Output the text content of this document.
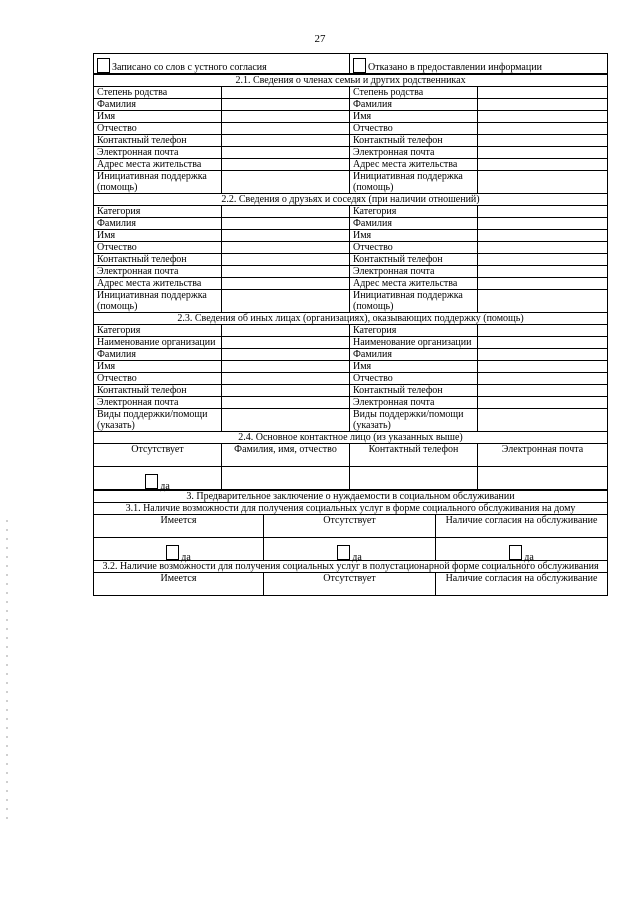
27
Записано со слов с устного согласия	Отказано в предоставлении информации
2.1. Сведения о членах семьи и других родственниках			
Степень родства		Степень родства	
Фамилия		Фамилия	
Имя		Имя	
Отчество		Отчество	
Контактный телефон		Контактный телефон	
Электронная почта		Электронная почта	
Адрес места жительства		Адрес места жительства	
Инициативная поддержка (помощь)		Инициативная поддержка (помощь)	
2.2. Сведения о друзьях и соседях (при наличии отношений)			
Категория		Категория	
Фамилия		Фамилия	
Имя		Имя	
Отчество		Отчество	
Контактный телефон		Контактный телефон	
Электронная почта		Электронная почта	
Адрес места жительства		Адрес места жительства	
Инициативная поддержка (помощь)		Инициативная поддержка (помощь)	
2.3. Сведения об иных лицах (организациях), оказывающих поддержку (помощь)			
Категория		Категория	
Наименование организации		Наименование организации	
Фамилия		Фамилия	
Имя		Имя	
Отчество		Отчество	
Контактный телефон		Контактный телефон	
Электронная почта		Электронная почта	
Виды поддержки/помощи (указать)		Виды поддержки/помощи (указать)	
2.4. Основное контактное лицо (из указанных выше)			
Отсутствует	Фамилия, имя, отчество	Контактный телефон	Электронная почта
да			
3. Предварительное заключение о нуждаемости в социальном обслуживании		
3.1. Наличие возможности для получения социальных услуг в форме социального обслуживания на дому		
Имеется	Отсутствует	Наличие согласия на обслуживание
да	да	да
3.2. Наличие возможности для получения социальных услуг в полустационарной форме социального обслуживания		
Имеется	Отсутствует	Наличие согласия на обслуживание
